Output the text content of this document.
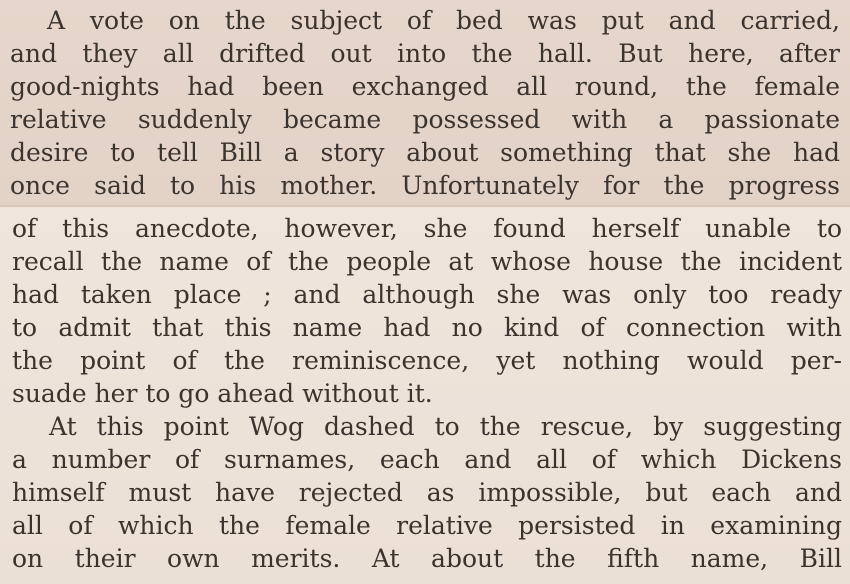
A vote on the subject of bed was put and carried,
and they all drifted out into the hall. But here, after
good-nights had been exchanged all round, the female
relative suddenly became possessed with a passionate
desire to tell Bill a story about something that she had
once said to his mother. Unfortunately for the progress
of this anecdote, however, she found herself unable to
recall the name of the people at whose house the incident
had taken place ; and although she was only too ready
to admit that this name had no kind of connection with
the point of the reminiscence, yet nothing would per-
suade her to go ahead without it.
At this point Wog dashed to the rescue, by suggesting
a number of surnames, each and all of which Dickens
himself must have rejected as impossible, but each and
all of which the female relative persisted in examining
on their own merits. At about the fifth name, Bill
